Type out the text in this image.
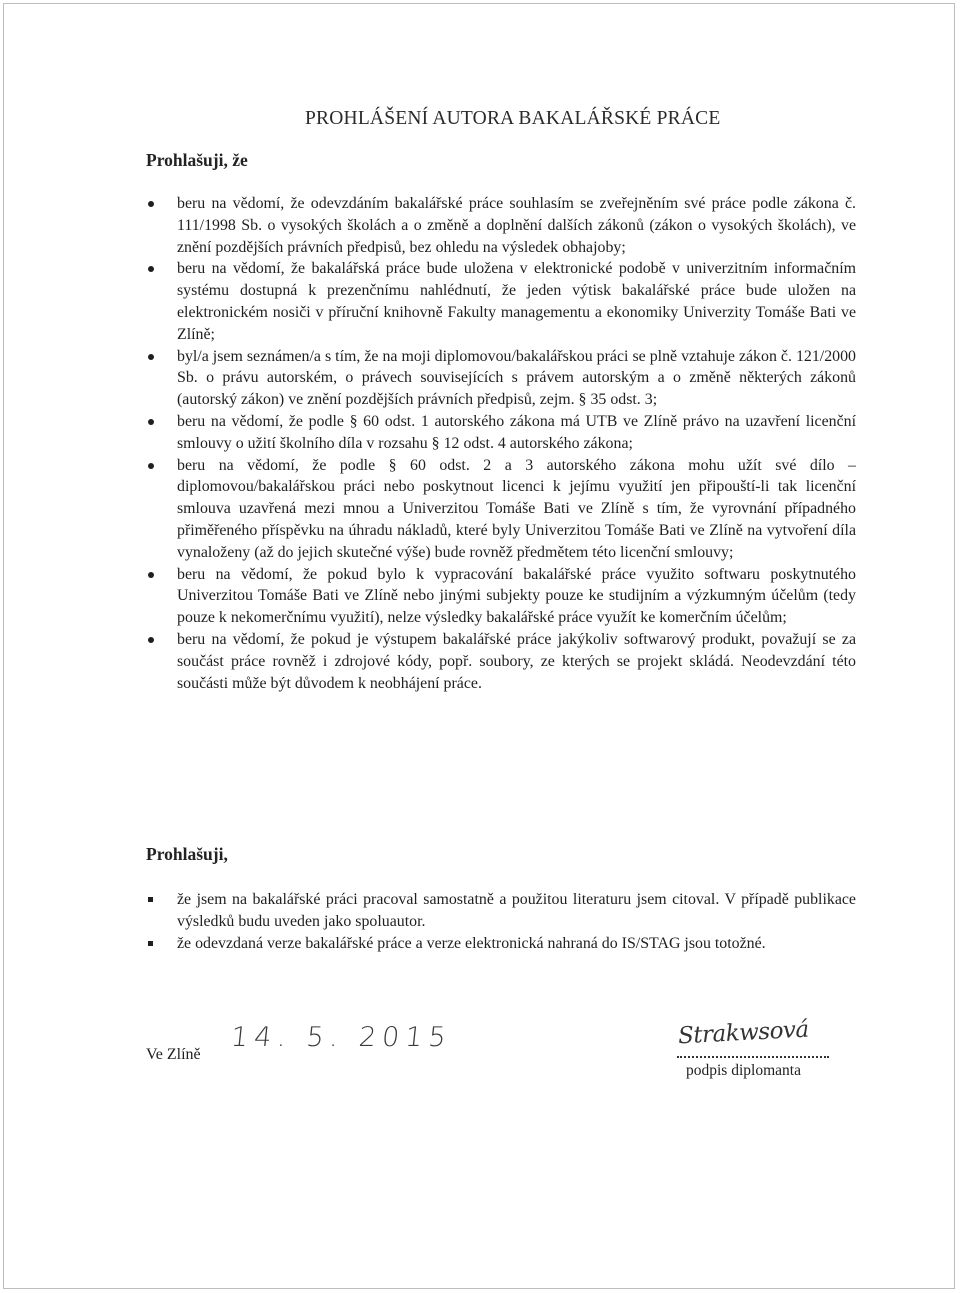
PROHLÁŠENÍ AUTORA BAKALÁŘSKÉ PRÁCE
Prohlašuji, že
beru na vědomí, že odevzdáním bakalářské práce souhlasím se zveřejněním své práce podle zákona č. 111/1998 Sb. o vysokých školách a o změně a doplnění dalších zákonů (zákon o vysokých školách), ve znění pozdějších právních předpisů, bez ohledu na výsledek obhajoby;
beru na vědomí, že bakalářská práce bude uložena v elektronické podobě v univerzitním informačním systému dostupná k prezenčnímu nahlédnutí, že jeden výtisk bakalářské práce bude uložen na elektronickém nosiči v příruční knihovně Fakulty managementu a ekonomiky Univerzity Tomáše Bati ve Zlíně;
byl/a jsem seznámen/a s tím, že na moji diplomovou/bakalářskou práci se plně vztahuje zákon č. 121/2000 Sb. o právu autorském, o právech souvisejících s právem autorským a o změně některých zákonů (autorský zákon) ve znění pozdějších právních předpisů, zejm. § 35 odst. 3;
beru na vědomí, že podle § 60 odst. 1 autorského zákona má UTB ve Zlíně právo na uzavření licenční smlouvy o užití školního díla v rozsahu § 12 odst. 4 autorského zákona;
beru na vědomí, že podle § 60 odst. 2 a 3 autorského zákona mohu užít své dílo – diplomovou/bakalářskou práci nebo poskytnout licenci k jejímu využití jen připouští-li tak licenční smlouva uzavřená mezi mnou a Univerzitou Tomáše Bati ve Zlíně s tím, že vyrovnání případného přiměřeného příspěvku na úhradu nákladů, které byly Univerzitou Tomáše Bati ve Zlíně na vytvoření díla vynaloženy (až do jejich skutečné výše) bude rovněž předmětem této licenční smlouvy;
beru na vědomí, že pokud bylo k vypracování bakalářské práce využito softwaru poskytnutého Univerzitou Tomáše Bati ve Zlíně nebo jinými subjekty pouze ke studijním a výzkumným účelům (tedy pouze k nekomerčnímu využití), nelze výsledky bakalářské práce využít ke komerčním účelům;
beru na vědomí, že pokud je výstupem bakalářské práce jakýkoliv softwarový produkt, považují se za součást práce rovněž i zdrojové kódy, popř. soubory, ze kterých se projekt skládá. Neodevzdání této součásti může být důvodem k neobhájení práce.
Prohlašuji,
že jsem na bakalářské práci pracoval samostatně a použitou literaturu jsem citoval. V případě publikace výsledků budu uveden jako spoluautor.
že odevzdaná verze bakalářské práce a verze elektronická nahraná do IS/STAG jsou totožné.
Ve Zlíně
14. 5. 2015	Strakwsová
podpis diplomanta
